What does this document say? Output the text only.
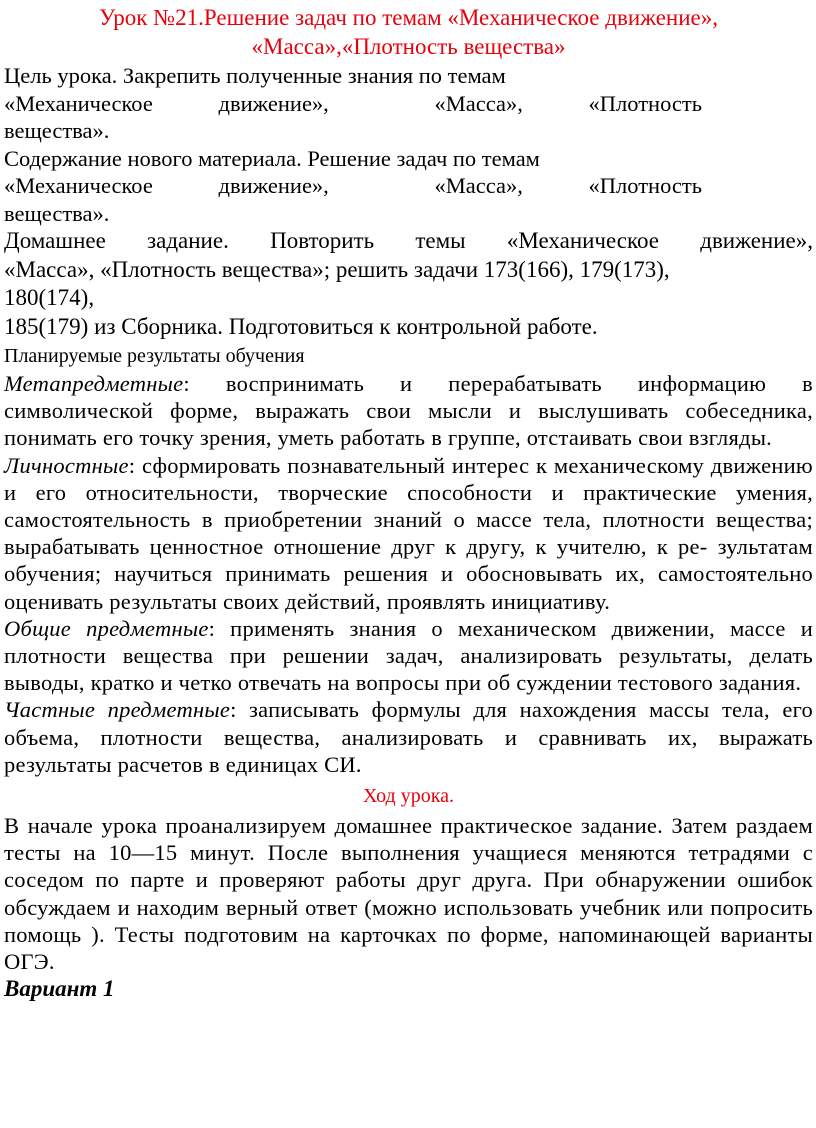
Урок №21.Решение задач по темам «Механическое движение»,
«Масса»,«Плотность вещества»
Цель урока. Закрепить полученные знания по темам
«Механическое	движение»,	«Масса»,	«Плотность
вещества».
Содержание нового материала. Решение задач по темам
«Механическое	движение»,	«Масса»,	«Плотность
вещества».
Домашнее задание. Повторить темы «Механическое движение»,
«Масса», «Плотность вещества»; решить задачи 173(166), 179(173),
180(174),
185(179) из Сборника. Подготовиться к контрольной работе.
Планируемые результаты обучения
Метапредметные: воспринимать и перерабатывать информацию в символической форме, выражать свои мысли и выслушивать собеседника, понимать его точку зрения, уметь работать в группе, отстаивать свои взгляды.
Личностные: сформировать познавательный интерес к механическому движению и его относительности, творческие способности и практические умения, самостоятельность в приобретении знаний о массе тела, плотности вещества; вырабатывать ценностное отношение друг к другу, к учителю, к ре- зультатам обучения; научиться принимать решения и обосновывать их, самостоятельно оценивать результаты своих действий, проявлять инициативу.
Общие предметные: применять знания о механическом движении, массе и плотности вещества при решении задач, анализировать результаты, делать выводы, кратко и четко отвечать на вопросы при об суждении тестового задания.
Частные предметные: записывать формулы для нахождения массы тела, его объема, плотности вещества, анализировать и сравнивать их, выражать результаты расчетов в единицах СИ.
Ход урока.
В начале урока проанализируем домашнее практическое задание. Затем раздаем тесты на 10—15 минут. После выполнения учащиеся меняются тетрадями с соседом по парте и проверяют работы друг друга. При обнаружении ошибок обсуждаем и находим верный ответ (можно использовать учебник или попросить помощь ). Тесты подготовим на карточках по форме, напоминающей варианты ОГЭ.
Вариант 1
